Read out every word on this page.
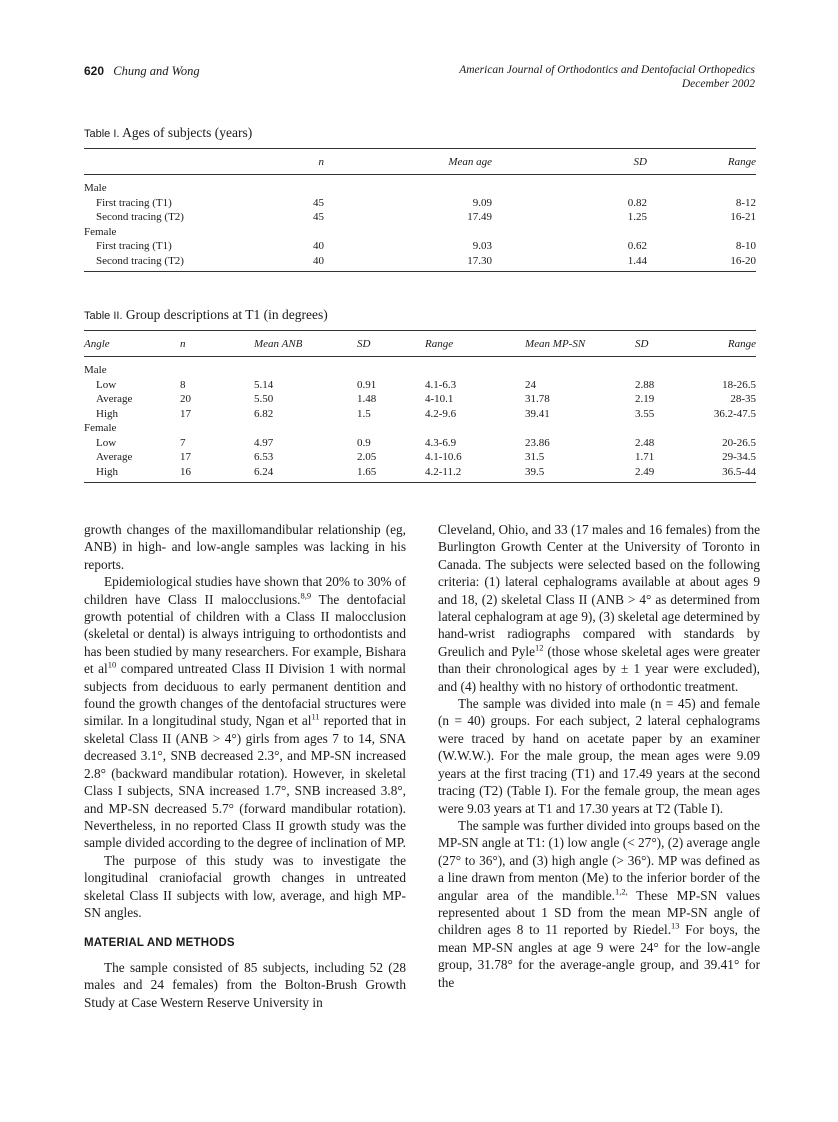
620 Chung and Wong	American Journal of Orthodontics and Dentofacial Orthopedics
December 2002
Table I. Ages of subjects (years)
	n	Mean age	SD	Range

Male				
First tracing (T1)	45	9.09	0.82	8-12
Second tracing (T2)	45	17.49	1.25	16-21
Female				
First tracing (T1)	40	9.03	0.62	8-10
Second tracing (T2)	40	17.30	1.44	16-20
Table II. Group descriptions at T1 (in degrees)
Angle	n	Mean ANB	SD	Range	Mean MP-SN	SD	Range

Male							
Low	8	5.14	0.91	4.1-6.3	24	2.88	18-26.5
Average	20	5.50	1.48	4-10.1	31.78	2.19	28-35
High	17	6.82	1.5	4.2-9.6	39.41	3.55	36.2-47.5
Female							
Low	7	4.97	0.9	4.3-6.9	23.86	2.48	20-26.5
Average	17	6.53	2.05	4.1-10.6	31.5	1.71	29-34.5
High	16	6.24	1.65	4.2-11.2	39.5	2.49	36.5-44

growth changes of the maxillomandibular relationship (eg, ANB) in high- and low-angle samples was lacking in his reports.

Epidemiological studies have shown that 20% to 30% of children have Class II malocclusions.$^{8,9}$ The dentofacial growth potential of children with a Class II malocclusion (skeletal or dental) is always intriguing to orthodontists and has been studied by many researchers. For example, Bishara et $al^{10}$ compared untreated Class II Division 1 with normal subjects from deciduous to early permanent dentition and found the growth changes of the dentofacial structures were similar. In a longitudinal study, Ngan et $al^{11}$ reported that in skeletal Class II (ANB > 4°) girls from ages 7 to 14, SNA decreased 3.1°, SNB decreased 2.3°, and MP-SN increased 2.8° (backward mandibular rotation). However, in skeletal Class I subjects, SNA increased 1.7°, SNB increased 3.8°, and MP-SN decreased 5.7° (forward mandibular rotation). Nevertheless, in no reported Class II growth study was the sample divided according to the degree of inclination of MP.

The purpose of this study was to investigate the longitudinal craniofacial growth changes in untreated skeletal Class II subjects with low, average, and high MP-SN angles.

MATERIAL AND METHODS

The sample consisted of 85 subjects, including 52 (28 males and 24 females) from the Bolton-Brush Growth Study at Case Western Reserve University in

Cleveland, Ohio, and 33 (17 males and 16 females) from the Burlington Growth Center at the University of Toronto in Canada. The subjects were selected based on the following criteria: (1) lateral cephalograms available at about ages 9 and 18, (2) skeletal Class II (ANB > 4° as determined from lateral cephalogram at age 9), (3) skeletal age determined by hand-wrist radiographs compared with standards by Greulich and Pyle$^{12}$ (those whose skeletal ages were greater than their chronological ages by ± 1 year were excluded), and (4) healthy with no history of orthodontic treatment.

The sample was divided into male (n = 45) and female (n = 40) groups. For each subject, 2 lateral cephalograms were traced by hand on acetate paper by an examiner (W.W.W.). For the male group, the mean ages were 9.09 years at the first tracing (T1) and 17.49 years at the second tracing (T2) (Table I). For the female group, the mean ages were 9.03 years at T1 and 17.30 years at T2 (Table I).

The sample was further divided into groups based on the MP-SN angle at T1: (1) low angle (< 27°), (2) average angle (27° to 36°), and (3) high angle (> 36°). MP was defined as a line drawn from menton (Me) to the inferior border of the angular area of the mandible.$^{1,2,}$ These MP-SN values represented about 1 SD from the mean MP-SN angle of children ages 8 to 11 reported by Riedel.$^{13}$ For boys, the mean MP-SN angles at age 9 were 24° for the low-angle group, 31.78° for the average-angle group, and 39.41° for the
